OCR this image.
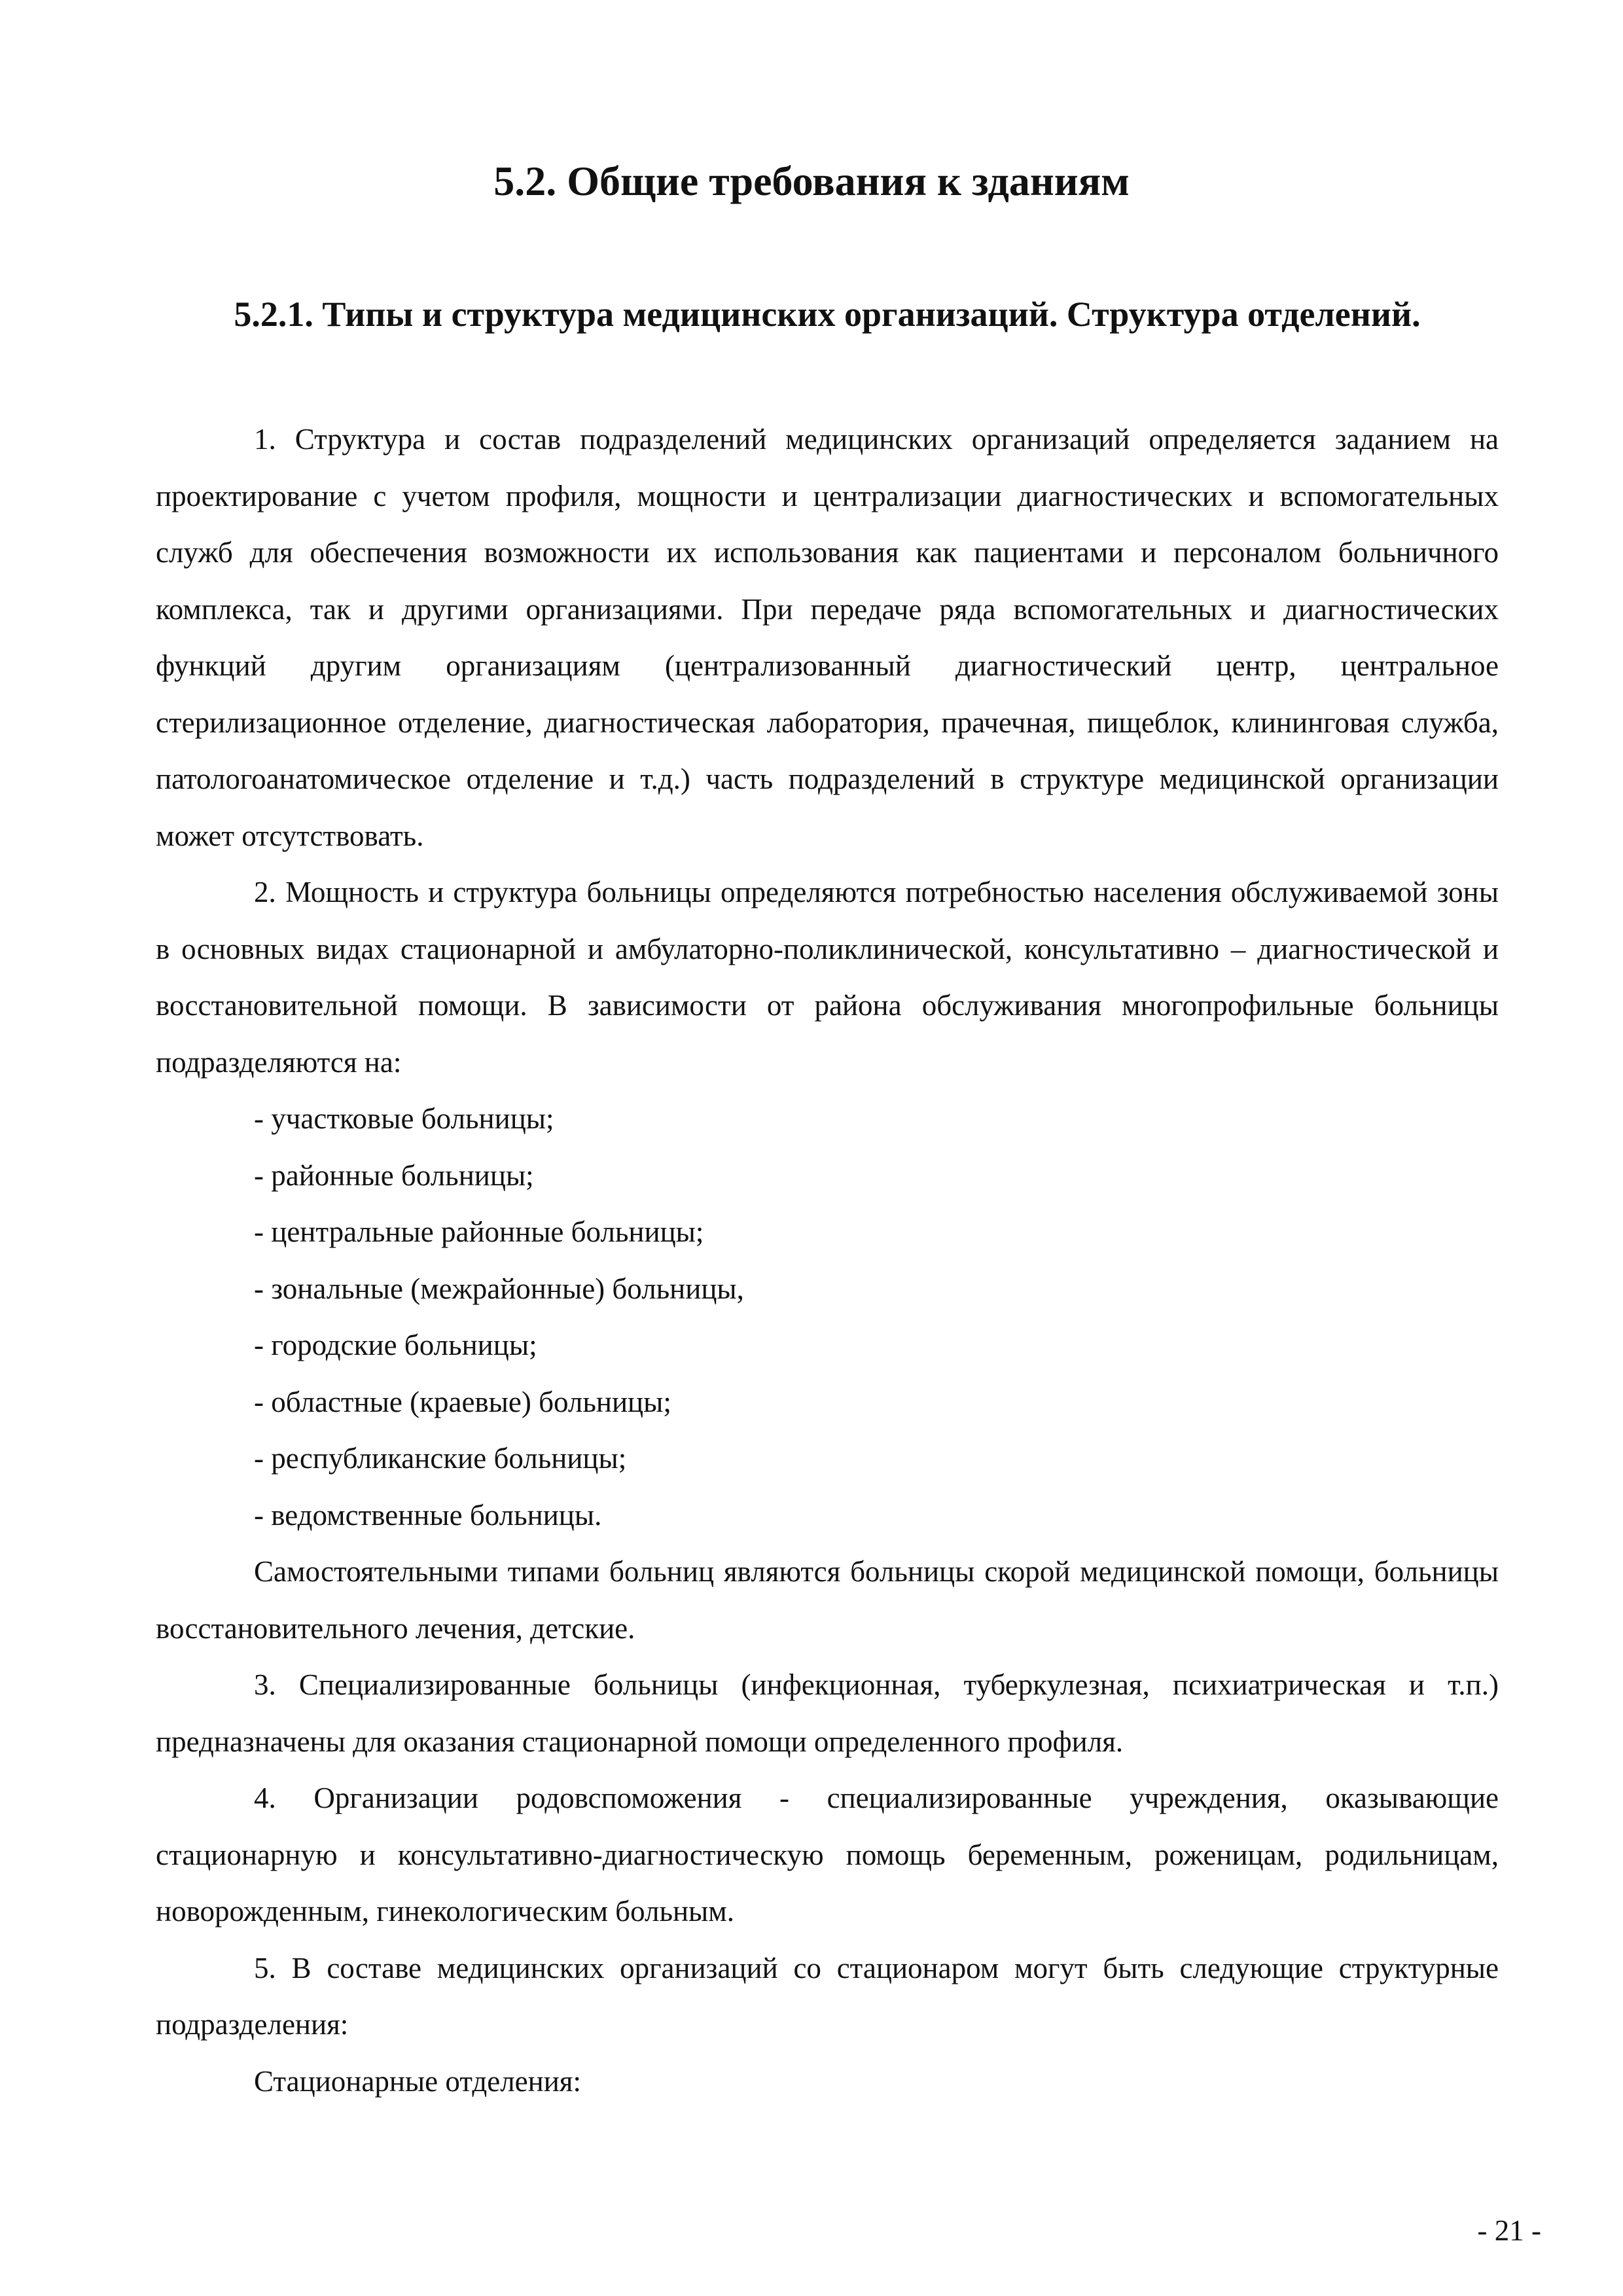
5.2. Общие требования к зданиям
5.2.1. Типы и структура медицинских организаций. Структура отделений.

1. Структура и состав подразделений медицинских организаций определяется заданием на проектирование с учетом профиля, мощности и централизации диагностических и вспомогательных служб для обеспечения возможности их использования как пациентами и персоналом больничного комплекса, так и другими организациями. При передаче ряда вспомогательных и диагностических функций другим организациям (централизованный диагностический центр, центральное стерилизационное отделение, диагностическая лаборатория, прачечная, пищеблок, клининговая служба, патологоанатомическое отделение и т.д.) часть подразделений в структуре медицинской организации может отсутствовать.

2. Мощность и структура больницы определяются потребностью населения обслуживаемой зоны в основных видах стационарной и амбулаторно-поликлинической, консультативно – диагностической и восстановительной помощи. В зависимости от района обслуживания многопрофильные больницы подразделяются на:

- участковые больницы;
- районные больницы;
- центральные районные больницы;
- зональные (межрайонные) больницы,
- городские больницы;
- областные (краевые) больницы;
- республиканские больницы;
- ведомственные больницы.

Самостоятельными типами больниц являются больницы скорой медицинской помощи, больницы восстановительного лечения, детские.

3. Специализированные больницы (инфекционная, туберкулезная, психиатрическая и т.п.) предназначены для оказания стационарной помощи определенного профиля.

4. Организации родовспоможения - специализированные учреждения, оказывающие стационарную и консультативно-диагностическую помощь беременным, роженицам, родильницам, новорожденным, гинекологическим больным.

5. В составе медицинских организаций со стационаром могут быть следующие структурные подразделения:

Стационарные отделения:

- 21 -
